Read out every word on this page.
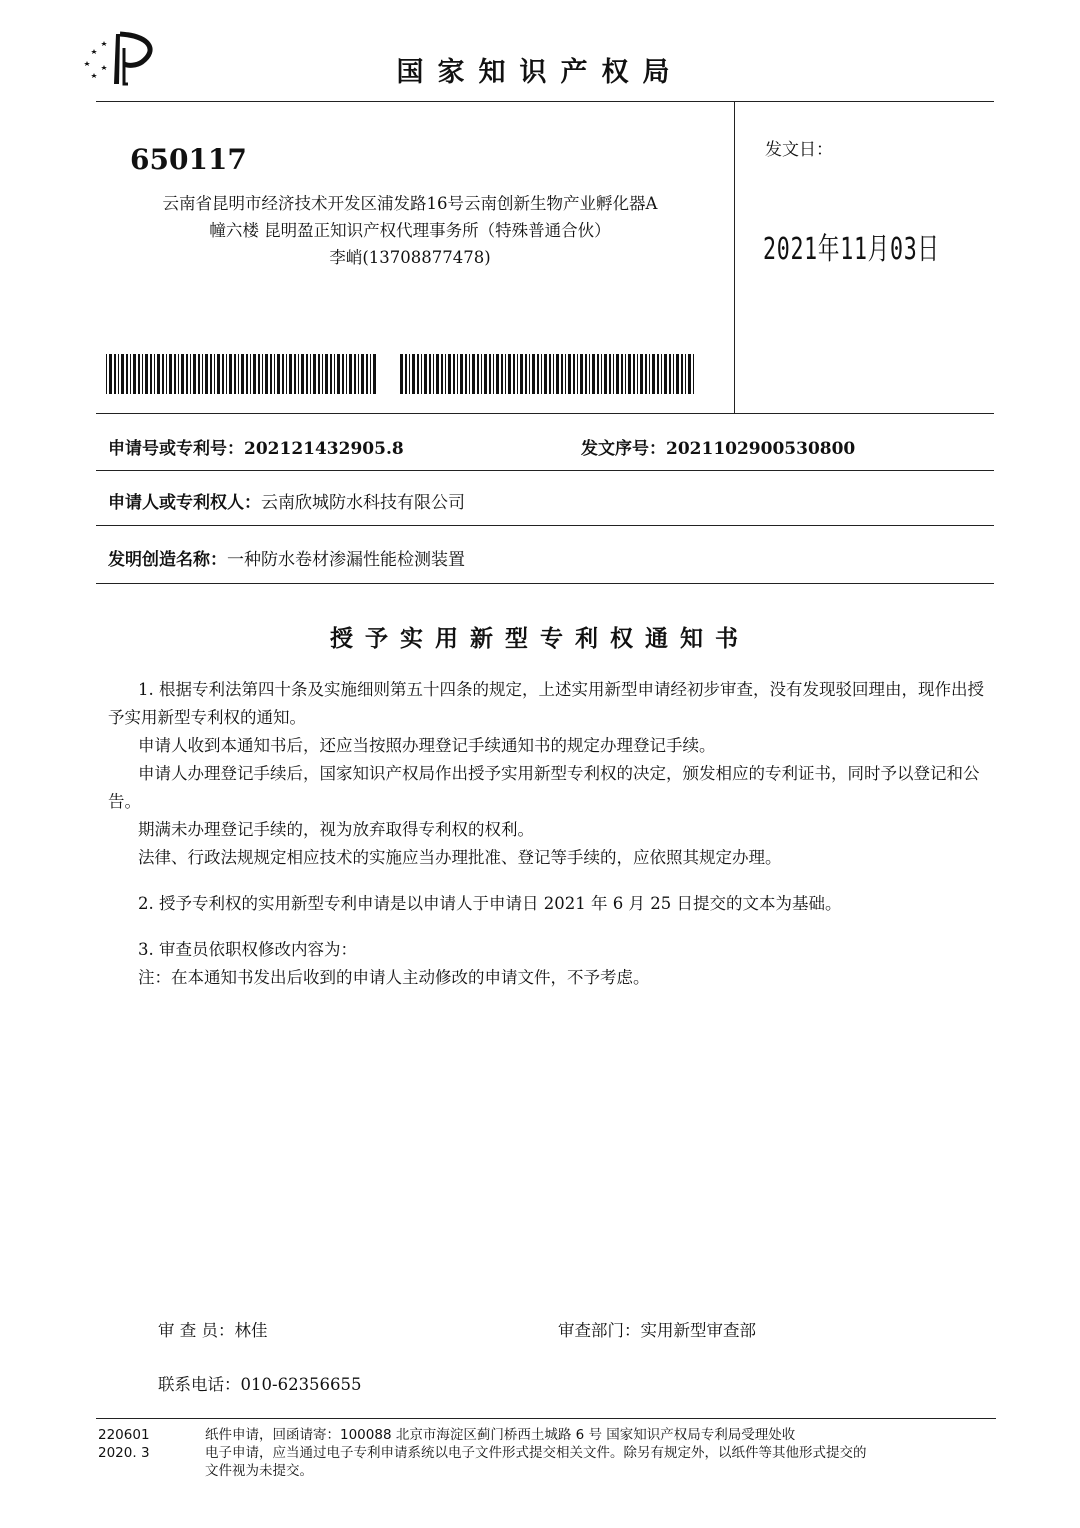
国家知识产权局
650117
云南省昆明市经济技术开发区浦发路16号云南创新生物产业孵化器A
幢六楼 昆明盈正知识产权代理事务所（特殊普通合伙）
李峭(13708877478)
发文日：
2021年11月03日
申请号或专利号：202121432905.8	发文序号：2021102900530800
申请人或专利权人：云南欣城防水科技有限公司
发明创造名称：一种防水卷材渗漏性能检测装置
授予实用新型专利权通知书

1. 根据专利法第四十条及实施细则第五十四条的规定，上述实用新型申请经初步审查，没有发现驳回理由，现作出授予实用新型专利权的通知。

申请人收到本通知书后，还应当按照办理登记手续通知书的规定办理登记手续。

申请人办理登记手续后，国家知识产权局作出授予实用新型专利权的决定，颁发相应的专利证书，同时予以登记和公告。

期满未办理登记手续的，视为放弃取得专利权的权利。

法律、行政法规规定相应技术的实施应当办理批准、登记等手续的，应依照其规定办理。

2. 授予专利权的实用新型专利申请是以申请人于申请日 2021 年 6 月 25 日提交的文本为基础。

3. 审查员依职权修改内容为：

注：在本通知书发出后收到的申请人主动修改的申请文件，不予考虑。

审 查 员：林佳	审查部门：实用新型审查部
联系电话：010-62356655
220601
2020. 3
纸件申请，回函请寄：100088 北京市海淀区蓟门桥西土城路 6 号 国家知识产权局专利局受理处收
电子申请，应当通过电子专利申请系统以电子文件形式提交相关文件。除另有规定外，以纸件等其他形式提交的
文件视为未提交。
